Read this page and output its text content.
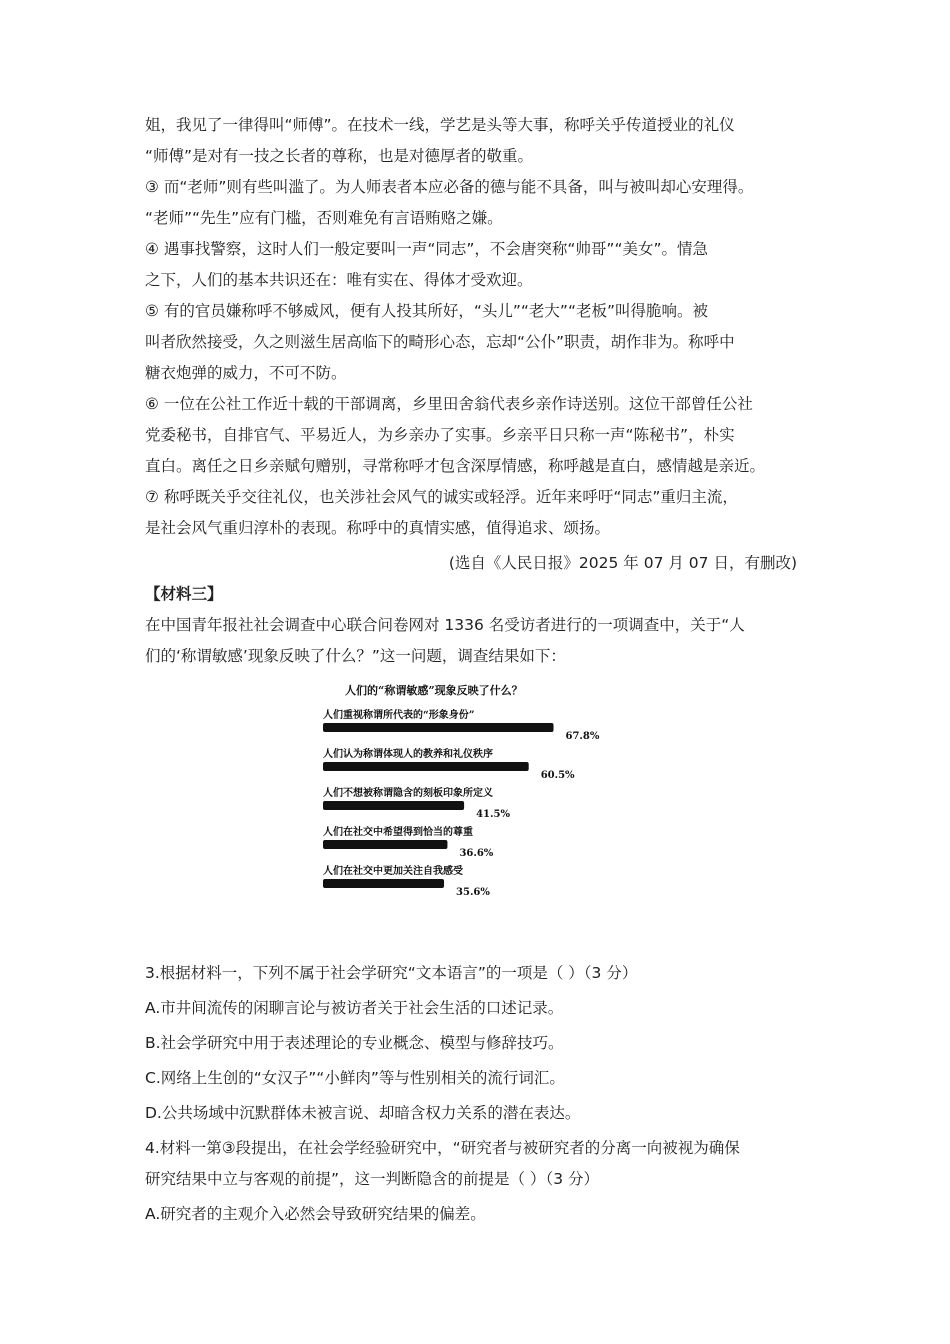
姐，我见了一律得叫“师傅”。在技术一线，学艺是头等大事，称呼关乎传道授业的礼仪
“师傅”是对有一技之长者的尊称，也是对德厚者的敬重。

③ 而“老师”则有些叫滥了。为人师表者本应必备的德与能不具备，叫与被叫却心安理得。
“老师”“先生”应有门槛，否则难免有言语贿赂之嫌。

④ 遇事找警察，这时人们一般定要叫一声“同志”，不会唐突称“帅哥”“美女”。情急
之下，人们的基本共识还在：唯有实在、得体才受欢迎。

⑤ 有的官员嫌称呼不够威风，便有人投其所好，“头儿”“老大”“老板”叫得脆响。被
叫者欣然接受，久之则滋生居高临下的畸形心态，忘却“公仆”职责，胡作非为。称呼中
糖衣炮弹的威力，不可不防。

⑥ 一位在公社工作近十载的干部调离，乡里田舍翁代表乡亲作诗送别。这位干部曾任公社
党委秘书，自排官气、平易近人，为乡亲办了实事。乡亲平日只称一声“陈秘书”，朴实
直白。离任之日乡亲赋句赠别，寻常称呼才包含深厚情感，称呼越是直白，感情越是亲近。

⑦ 称呼既关乎交往礼仪，也关涉社会风气的诚实或轻浮。近年来呼吁“同志”重归主流，
是社会风气重归淳朴的表现。称呼中的真情实感，值得追求、颂扬。

(选自《人民日报》2025 年 07 月 07 日，有删改)
【材料三】

在中国青年报社社会调查中心联合问卷网对 1336 名受访者进行的一项调查中，关于“人
们的‘称谓敏感’现象反映了什么？”这一问题，调查结果如下：

人们的“称谓敏感”现象反映了什么？
人们重视称谓所代表的“形象身份”
67.8%
人们认为称谓体现人的教养和礼仪秩序
60.5%
人们不想被称谓隐含的刻板印象所定义
41.5%
人们在社交中希望得到恰当的尊重
36.6%
人们在社交中更加关注自我感受
35.6%

3.根据材料一，下列不属于社会学研究“文本语言”的一项是（ ）（3 分）

A.市井间流传的闲聊言论与被访者关于社会生活的口述记录。

B.社会学研究中用于表述理论的专业概念、模型与修辞技巧。

C.网络上生创的“女汉子”“小鲜肉”等与性别相关的流行词汇。

D.公共场域中沉默群体未被言说、却暗含权力关系的潜在表达。

4.材料一第③段提出，在社会学经验研究中，“研究者与被研究者的分离一向被视为确保
研究结果中立与客观的前提”，这一判断隐含的前提是（ ）（3 分）

A.研究者的主观介入必然会导致研究结果的偏差。
